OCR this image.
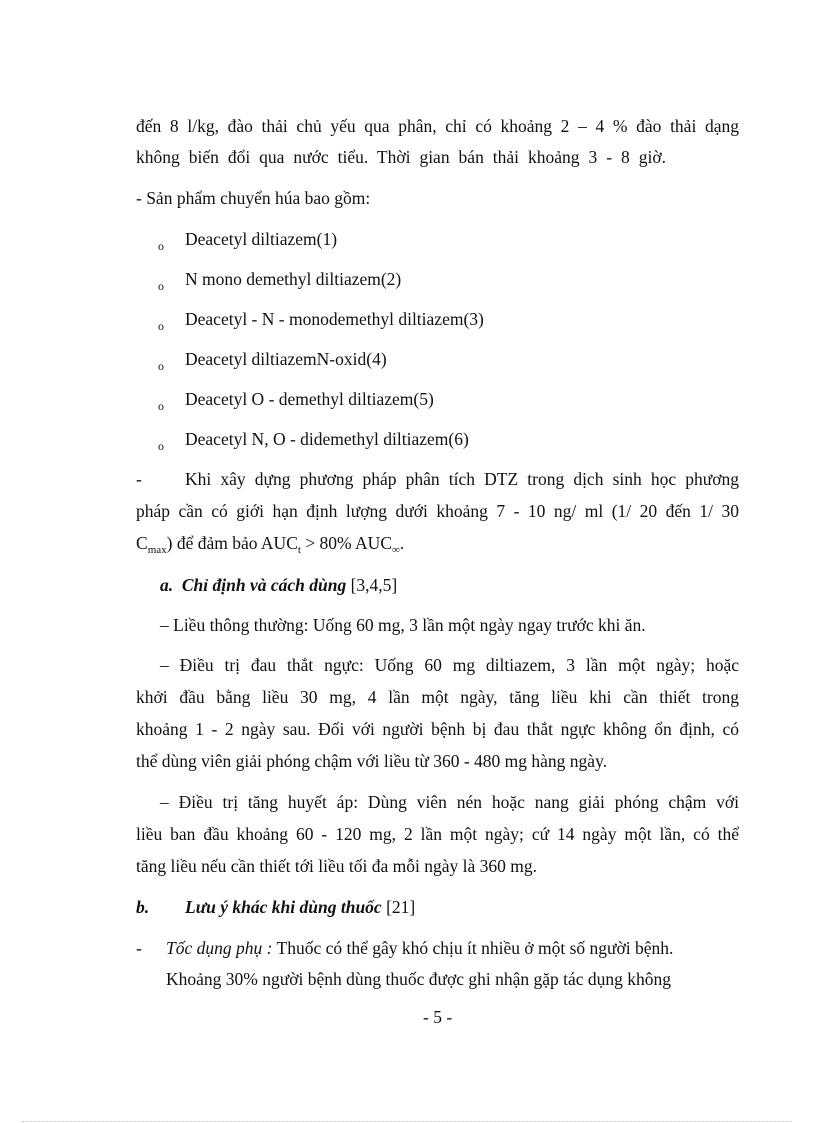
đến 8 l/kg, đào thải chủ yếu qua phân, chỉ có khoảng 2 – 4 % đào thải dạng
không biến đổi qua nước tiểu. Thời gian bán thải khoảng 3 - 8 giờ.
- Sản phẩm chuyển húa bao gồm:
o Deacetyl diltiazem(1)
o N mono demethyl diltiazem(2)
o Deacetyl - N - monodemethyl diltiazem(3)
o Deacetyl diltiazemN-oxid(4)
o Deacetyl O - demethyl diltiazem(5)
o Deacetyl N, O - didemethyl diltiazem(6)
- Khi xây dựng phương pháp phân tích DTZ trong dịch sinh học phương
pháp cần có giới hạn định lượng dưới khoảng 7 - 10 ng/ ml (1/ 20 đến 1/ 30
$C_{max}$) để đảm bảo $AUC_t > 80\%$ $AUC_\infty$.
a. Chỉ định và cách dùng [3,4,5]
– Liều thông thường: Uống 60 mg, 3 lần một ngày ngay trước khi ăn.
– Điều trị đau thắt ngực: Uống 60 mg diltiazem, 3 lần một ngày; hoặc
khởi đầu bằng liều 30 mg, 4 lần một ngày, tăng liều khi cần thiết trong
khoảng 1 - 2 ngày sau. Đối với người bệnh bị đau thắt ngực không ổn định, có
thể dùng viên giải phóng chậm với liều từ 360 - 480 mg hàng ngày.
– Điều trị tăng huyết áp: Dùng viên nén hoặc nang giải phóng chậm với
liều ban đầu khoảng 60 - 120 mg, 2 lần một ngày; cứ 14 ngày một lần, có thể
tăng liều nếu cần thiết tới liều tối đa mỗi ngày là 360 mg.
b. Lưu ý khác khi dùng thuốc [21]
- Tốc dụng phụ : Thuốc có thể gây khó chịu ít nhiều ở một số người bệnh.
Khoảng 30% người bệnh dùng thuốc được ghi nhận gặp tác dụng không
- 5 -
